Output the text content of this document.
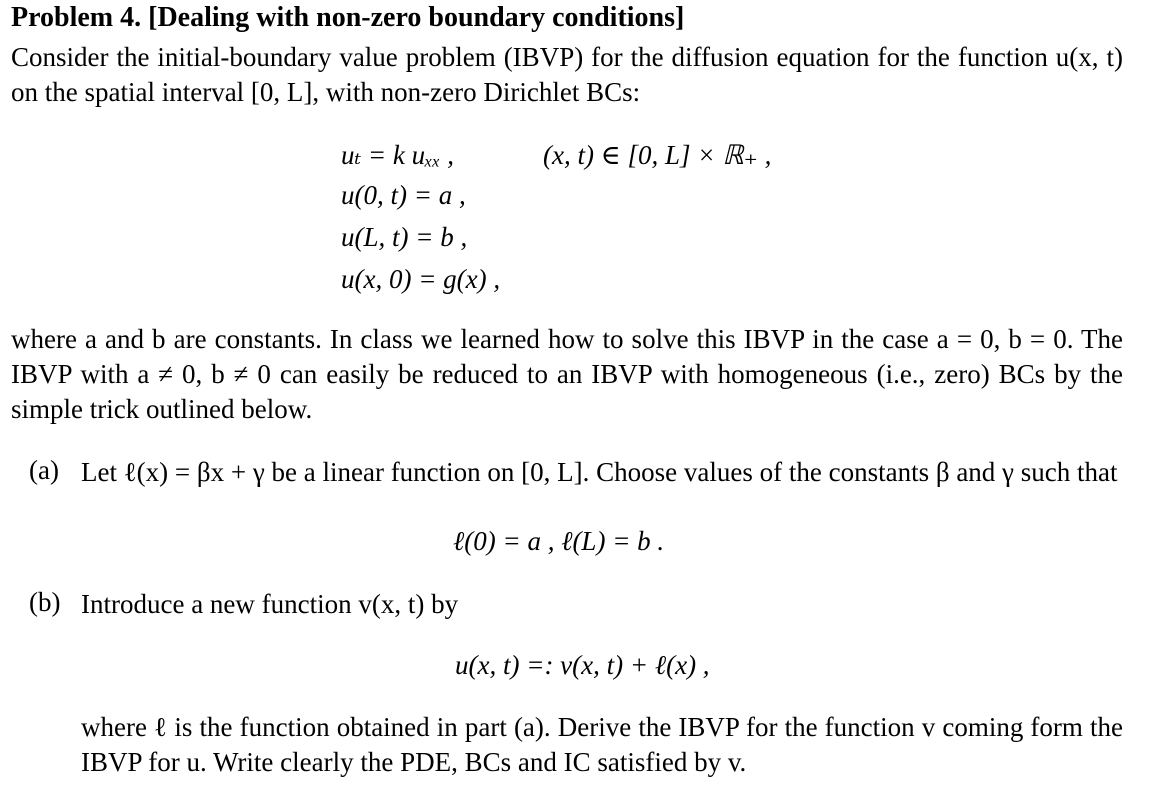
Problem 4. [Dealing with non-zero boundary conditions]
Consider the initial-boundary value problem (IBVP) for the diffusion equation for the function u(x, t) on the spatial interval [0, L], with non-zero Dirichlet BCs:
uₜ = k uₓₓ ,	(x, t) ∈ [0, L] × ℝ₊ ,
u(0, t) = a ,
u(L, t) = b ,
u(x, 0) = g(x) ,
where a and b are constants. In class we learned how to solve this IBVP in the case a = 0, b = 0. The IBVP with a ≠ 0, b ≠ 0 can easily be reduced to an IBVP with homogeneous (i.e., zero) BCs by the simple trick outlined below.
(a) Let ℓ(x) = βx + γ be a linear function on [0, L]. Choose values of the constants β and γ such that
ℓ(0) = a , ℓ(L) = b .
(b) Introduce a new function v(x, t) by
u(x, t) =: v(x, t) + ℓ(x) ,
where ℓ is the function obtained in part (a). Derive the IBVP for the function v coming form the IBVP for u. Write clearly the PDE, BCs and IC satisfied by v.
